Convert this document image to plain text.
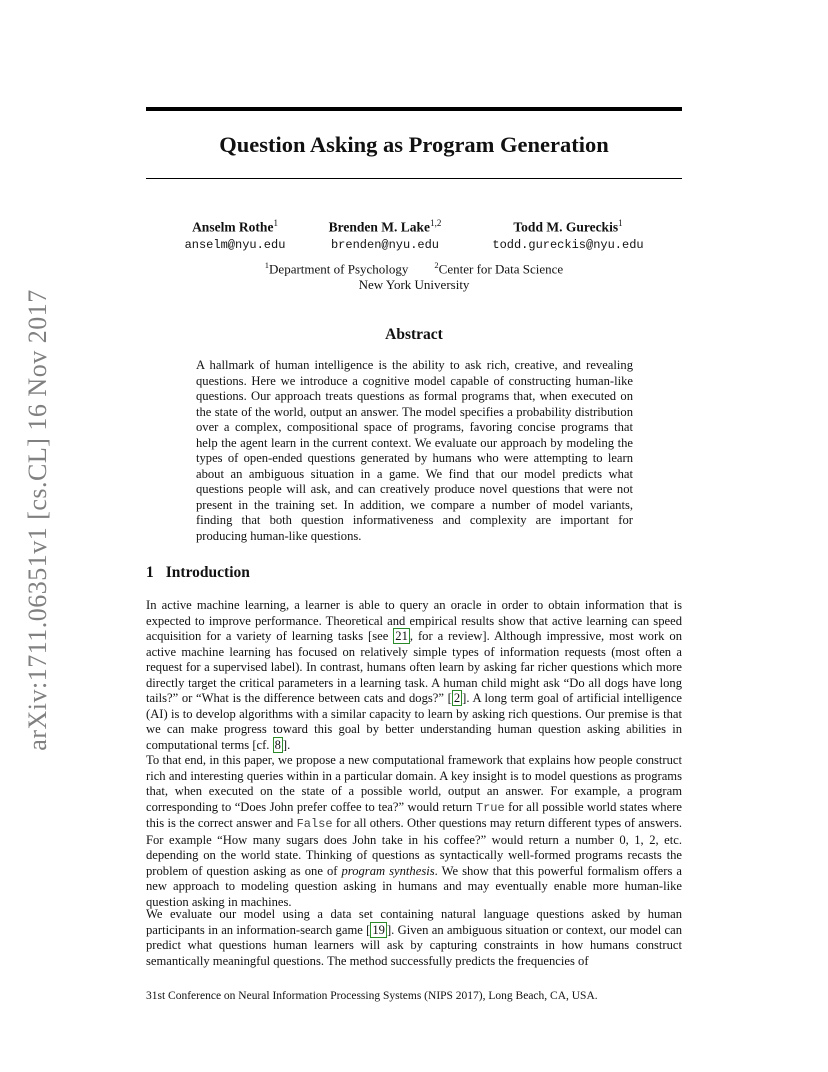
arXiv:1711.06351v1 [cs.CL] 16 Nov 2017
Question Asking as Program Generation
Anselm Rothe$^1$
anselm@nyu.edu
Brenden M. Lake$^{1,2}$
brenden@nyu.edu
Todd M. Gureckis$^1$
todd.gureckis@nyu.edu
$^1$Department of Psychology	$^2$Center for Data Science
New York University
Abstract
A hallmark of human intelligence is the ability to ask rich, creative, and revealing questions. Here we introduce a cognitive model capable of constructing human-like questions. Our approach treats questions as formal programs that, when executed on the state of the world, output an answer. The model specifies a probability distribution over a complex, compositional space of programs, favoring concise programs that help the agent learn in the current context. We evaluate our approach by modeling the types of open-ended questions generated by humans who were attempting to learn about an ambiguous situation in a game. We find that our model predicts what questions people will ask, and can creatively produce novel questions that were not present in the training set. In addition, we compare a number of model variants, finding that both question informativeness and complexity are important for producing human-like questions.
1 Introduction

In active machine learning, a learner is able to query an oracle in order to obtain information that is expected to improve performance. Theoretical and empirical results show that active learning can speed acquisition for a variety of learning tasks [see 21 , for a review]. Although impressive, most work on active machine learning has focused on relatively simple types of information requests (most often a request for a supervised label). In contrast, humans often learn by asking far richer questions which more directly target the critical parameters in a learning task. A human child might ask “Do all dogs have long tails?” or “What is the difference between cats and dogs?” [ 2 ]. A long term goal of artificial intelligence (AI) is to develop algorithms with a similar capacity to learn by asking rich questions. Our premise is that we can make progress toward this goal by better understanding human question asking abilities in computational terms [cf. 8 ].

To that end, in this paper, we propose a new computational framework that explains how people construct rich and interesting queries within in a particular domain. A key insight is to model questions as programs that, when executed on the state of a possible world, output an answer. For example, a program corresponding to “Does John prefer coffee to tea?” would return True for all possible world states where this is the correct answer and False for all others. Other questions may return different types of answers. For example “How many sugars does John take in his coffee?” would return a number 0, 1, 2, etc. depending on the world state. Thinking of questions as syntactically well-formed programs recasts the problem of question asking as one of program synthesis. We show that this powerful formalism offers a new approach to modeling question asking in humans and may eventually enable more human-like question asking in machines.

We evaluate our model using a data set containing natural language questions asked by human participants in an information-search game [ 19 ]. Given an ambiguous situation or context, our model can predict what questions human learners will ask by capturing constraints in how humans construct semantically meaningful questions. The method successfully predicts the frequencies of

31st Conference on Neural Information Processing Systems (NIPS 2017), Long Beach, CA, USA.
